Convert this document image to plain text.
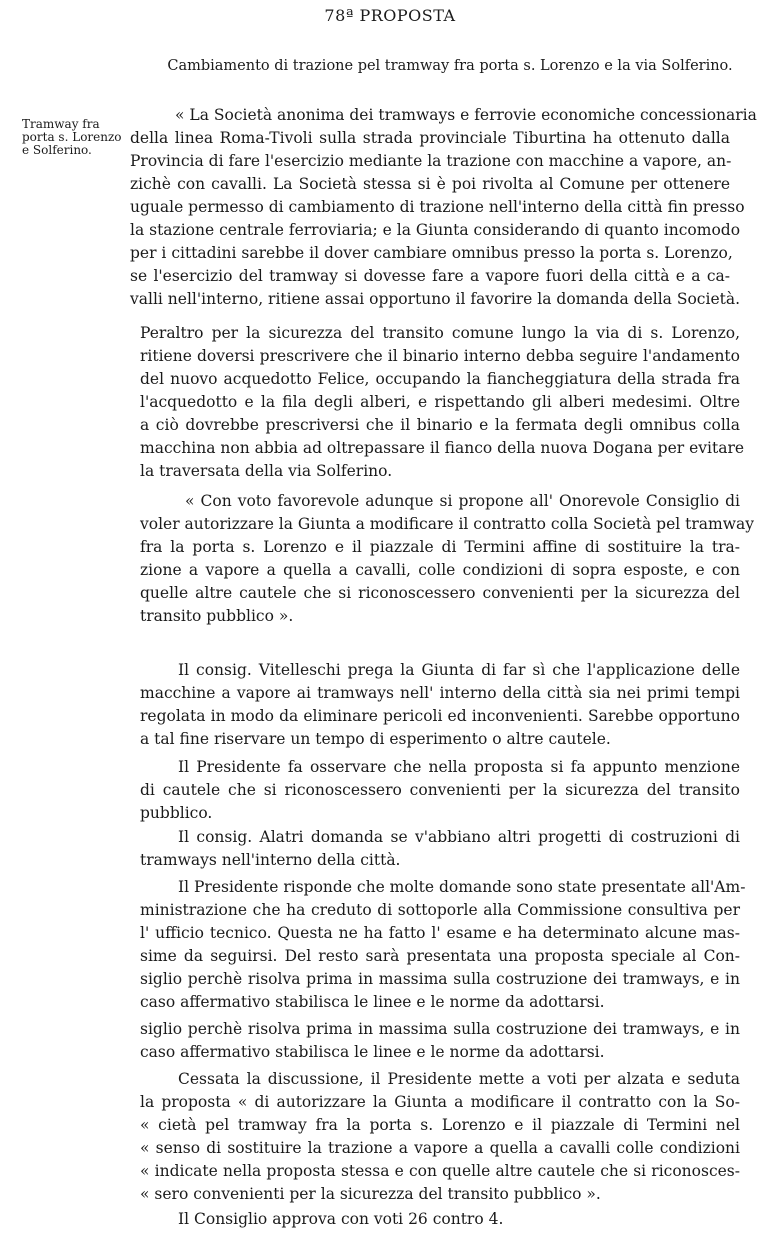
78ª PROPOSTA
Cambiamento di trazione pel tramway fra porta s. Lorenzo e la via Solferino.
Tramway fra
porta s. Lorenzo
e Solferino.
« La Società anonima dei tramways e ferrovie economiche concessionaria
della linea Roma-Tivoli sulla strada provinciale Tiburtina ha ottenuto dalla
Provincia di fare l'esercizio mediante la trazione con macchine a vapore, an-
zichè con cavalli. La Società stessa si è poi rivolta al Comune per ottenere
uguale permesso di cambiamento di trazione nell'interno della città fin presso
la stazione centrale ferroviaria; e la Giunta considerando di quanto incomodo
per i cittadini sarebbe il dover cambiare omnibus presso la porta s. Lorenzo,
se l'esercizio del tramway si dovesse fare a vapore fuori della città e a ca-
valli nell'interno, ritiene assai opportuno il favorire la domanda della Società.
Peraltro per la sicurezza del transito comune lungo la via di s. Lorenzo,
ritiene doversi prescrivere che il binario interno debba seguire l'andamento
del nuovo acquedotto Felice, occupando la fiancheggiatura della strada fra
l'acquedotto e la fila degli alberi, e rispettando gli alberi medesimi. Oltre
a ciò dovrebbe prescriversi che il binario e la fermata degli omnibus colla
macchina non abbia ad oltrepassare il fianco della nuova Dogana per evitare
la traversata della via Solferino.
« Con voto favorevole adunque si propone all' Onorevole Consiglio di
voler autorizzare la Giunta a modificare il contratto colla Società pel tramway
fra la porta s. Lorenzo e il piazzale di Termini affine di sostituire la tra-
zione a vapore a quella a cavalli, colle condizioni di sopra esposte, e con
quelle altre cautele che si riconoscessero convenienti per la sicurezza del
transito pubblico ».
Il consig. Vitelleschi prega la Giunta di far sì che l'applicazione delle
macchine a vapore ai tramways nell' interno della città sia nei primi tempi
regolata in modo da eliminare pericoli ed inconvenienti. Sarebbe opportuno
a tal fine riservare un tempo di esperimento o altre cautele.
Il Presidente fa osservare che nella proposta si fa appunto menzione
di cautele che si riconoscessero convenienti per la sicurezza del transito
pubblico.
Il consig. Alatri domanda se v'abbiano altri progetti di costruzioni di
tramways nell'interno della città.
Il Presidente risponde che molte domande sono state presentate all'Am-
ministrazione che ha creduto di sottoporle alla Commissione consultiva per
l' ufficio tecnico. Questa ne ha fatto l' esame e ha determinato alcune mas-
sime da seguirsi. Del resto sarà presentata una proposta speciale al Con-
siglio perchè risolva prima in massima sulla costruzione dei tramways, e in
caso affermativo stabilisca le linee e le norme da adottarsi.
siglio perchè risolva prima in massima sulla costruzione dei tramways, e in
caso affermativo stabilisca le linee e le norme da adottarsi.
Cessata la discussione, il Presidente mette a voti per alzata e seduta
la proposta « di autorizzare la Giunta a modificare il contratto con la So-
« cietà pel tramway fra la porta s. Lorenzo e il piazzale di Termini nel
« senso di sostituire la trazione a vapore a quella a cavalli colle condizioni
« indicate nella proposta stessa e con quelle altre cautele che si riconosces-
« sero convenienti per la sicurezza del transito pubblico ».
Il Consiglio approva con voti 26 contro 4.
